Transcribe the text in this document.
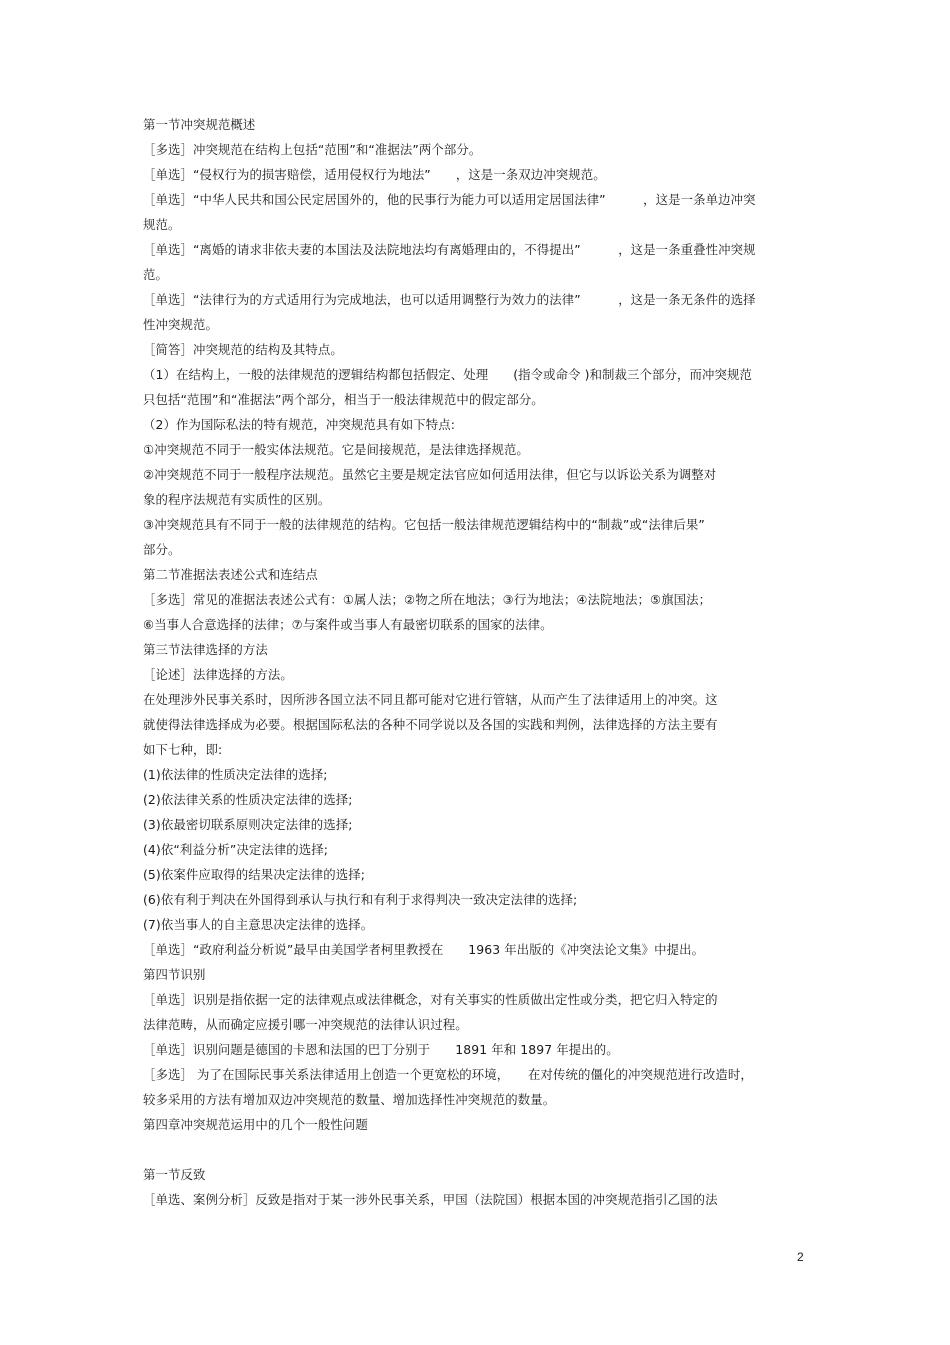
第一节冲突规范概述
［多选］冲突规范在结构上包括“范围”和“准据法”两个部分。
［单选］“侵权行为的损害赔偿，适用侵权行为地法”　　，这是一条双边冲突规范。
［单选］“中华人民共和国公民定居国外的，他的民事行为能力可以适用定居国法律”　　　，这是一条单边冲突
规范。
［单选］“离婚的请求非依夫妻的本国法及法院地法均有离婚理由的，不得提出”　　　，这是一条重叠性冲突规
范。
［单选］“法律行为的方式适用行为完成地法，也可以适用调整行为效力的法律”　　　，这是一条无条件的选择
性冲突规范。
［简答］冲突规范的结构及其特点。
（1）在结构上，一般的法律规范的逻辑结构都包括假定、处理　　(指令或命令 )和制裁三个部分，而冲突规范
只包括“范围”和“准据法”两个部分，相当于一般法律规范中的假定部分。
（2）作为国际私法的特有规范，冲突规范具有如下特点:
①冲突规范不同于一般实体法规范。它是间接规范，是法律选择规范。
②冲突规范不同于一般程序法规范。虽然它主要是规定法官应如何适用法律，但它与以诉讼关系为调整对
象的程序法规范有实质性的区别。
③冲突规范具有不同于一般的法律规范的结构。它包括一般法律规范逻辑结构中的“制裁”或“法律后果”
部分。
第二节准据法表述公式和连结点
［多选］常见的准据法表述公式有：①属人法；②物之所在地法；③行为地法；④法院地法；⑤旗国法；
⑥当事人合意选择的法律；⑦与案件或当事人有最密切联系的国家的法律。
第三节法律选择的方法
［论述］法律选择的方法。
在处理涉外民事关系时，因所涉各国立法不同且都可能对它进行管辖，从而产生了法律适用上的冲突。这
就使得法律选择成为必要。根据国际私法的各种不同学说以及各国的实践和判例，法律选择的方法主要有
如下七种，即:
(1)依法律的性质决定法律的选择;
(2)依法律关系的性质决定法律的选择;
(3)依最密切联系原则决定法律的选择;
(4)依“利益分析”决定法律的选择;
(5)依案件应取得的结果决定法律的选择;
(6)依有利于判决在外国得到承认与执行和有利于求得判决一致决定法律的选择;
(7)依当事人的自主意思决定法律的选择。
［单选］“政府利益分析说”最早由美国学者柯里教授在　　1963 年出版的《冲突法论文集》中提出。
第四节识别
［单选］识别是指依据一定的法律观点或法律概念，对有关事实的性质做出定性或分类，把它归入特定的
法律范畴，从而确定应援引哪一冲突规范的法律认识过程。
［单选］识别问题是德国的卡恩和法国的巴丁分别于　　1891 年和 1897 年提出的。
［多选］ 为了在国际民事关系法律适用上创造一个更宽松的环境，　　在对传统的僵化的冲突规范进行改造时，
较多采用的方法有增加双边冲突规范的数量、增加选择性冲突规范的数量。
第四章冲突规范运用中的几个一般性问题
第一节反致
［单选、案例分析］反致是指对于某一涉外民事关系，甲国（法院国）根据本国的冲突规范指引乙国的法
2
